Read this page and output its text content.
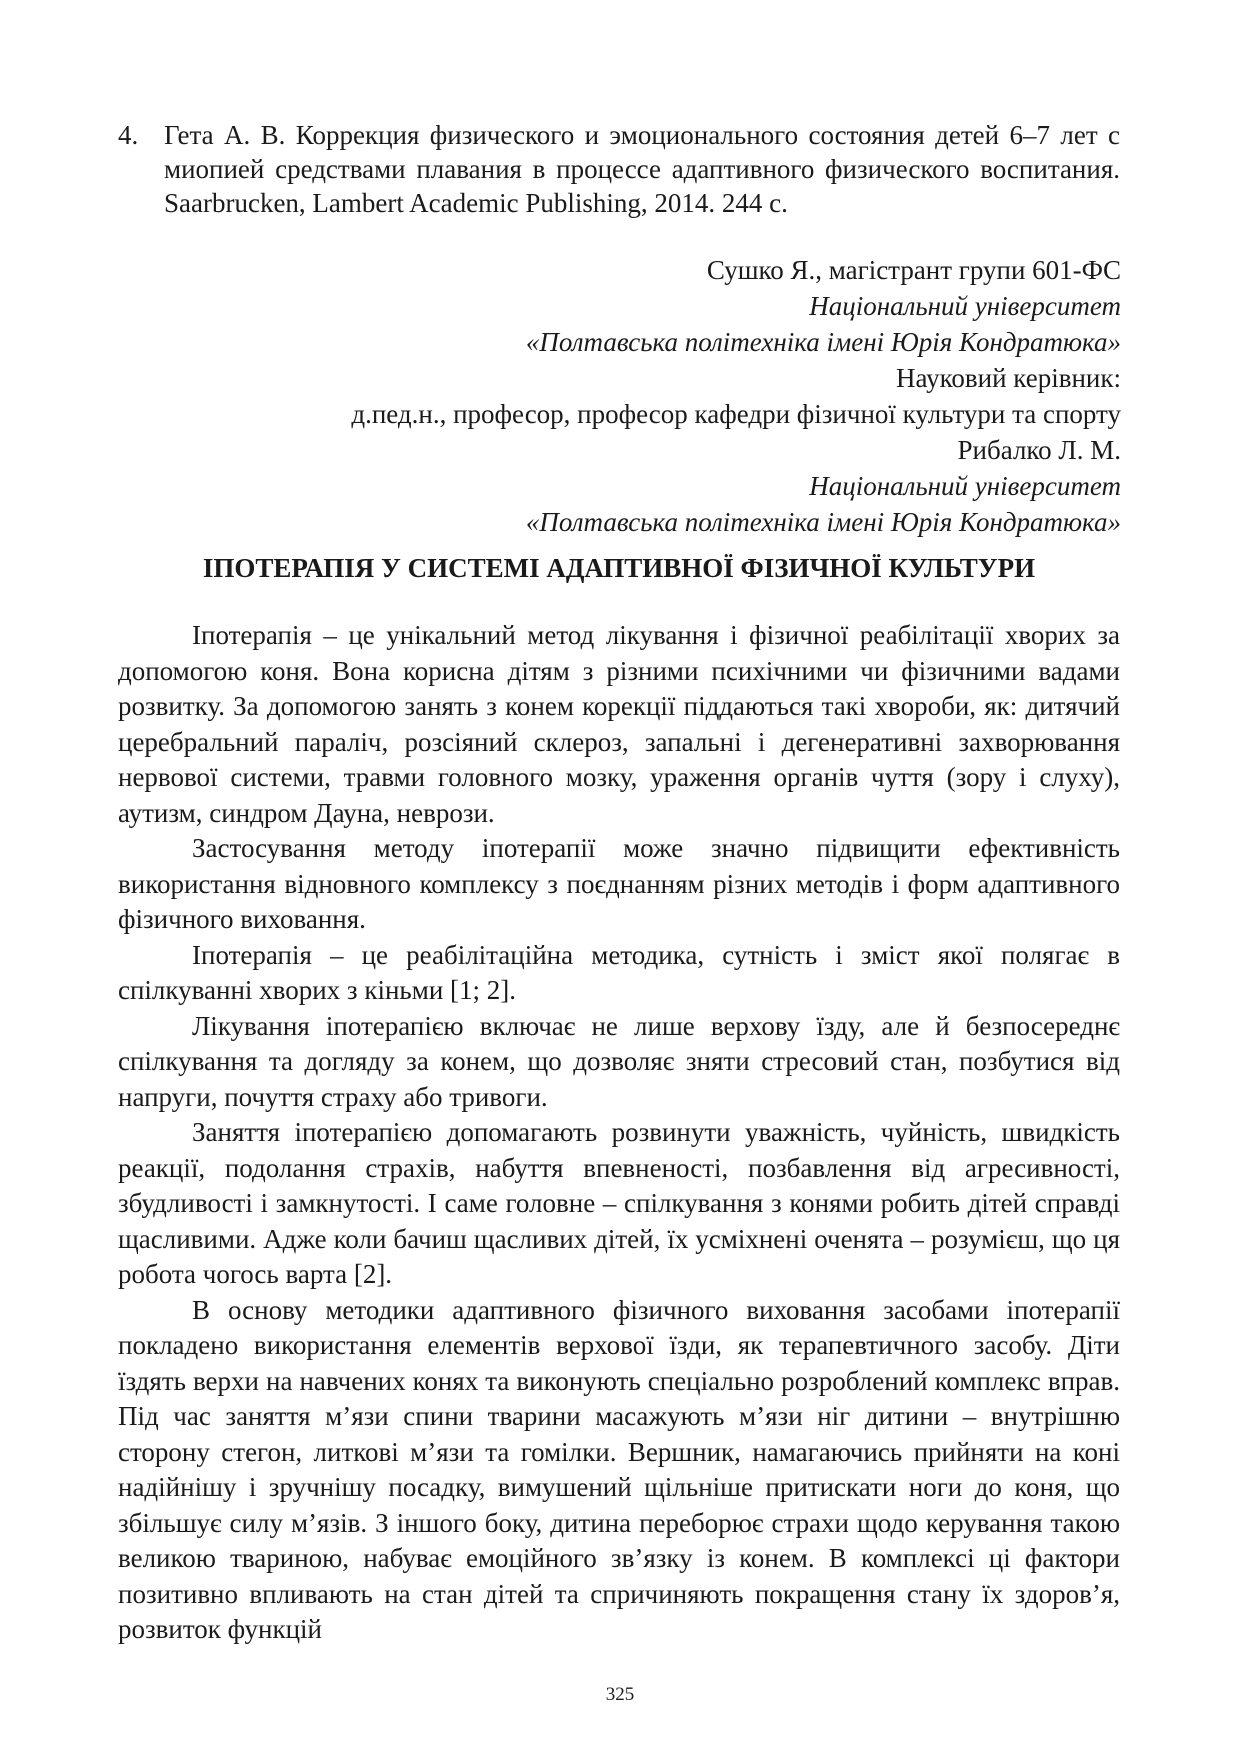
4. Гета А. В. Коррекция физического и эмоционального состояния детей 6–7 лет с миопией средствами плавания в процессе адаптивного физического воспитания. Saarbrucken, Lambert Academic Publishing, 2014. 244 с.
Сушко Я., магістрант групи 601-ФС
Національний університет
«Полтавська політехніка імені Юрія Кондратюка»
Науковий керівник:
д.пед.н., професор, професор кафедри фізичної культури та спорту
Рибалко Л. М.
Національний університет
«Полтавська політехніка імені Юрія Кондратюка»
ІПОТЕРАПІЯ У СИСТЕМІ АДАПТИВНОЇ ФІЗИЧНОЇ КУЛЬТУРИ

Іпотерапія – це унікальний метод лікування і фізичної реабілітації хворих за допомогою коня. Вона корисна дітям з різними психічними чи фізичними вадами розвитку. За допомогою занять з конем корекції піддаються такі хвороби, як: дитячий церебральний параліч, розсіяний склероз, запальні і дегенеративні захворювання нервової системи, травми головного мозку, ураження органів чуття (зору і слуху), аутизм, синдром Дауна, неврози.

Застосування методу іпотерапії може значно підвищити ефективність використання відновного комплексу з поєднанням різних методів і форм адаптивного фізичного виховання.

Іпотерапія – це реабілітаційна методика, сутність і зміст якої полягає в спілкуванні хворих з кіньми [1; 2].

Лікування іпотерапією включає не лише верхову їзду, але й безпосереднє спілкування та догляду за конем, що дозволяє зняти стресовий стан, позбутися від напруги, почуття страху або тривоги.

Заняття іпотерапією допомагають розвинути уважність, чуйність, швидкість реакції, подолання страхів, набуття впевненості, позбавлення від агресивності, збудливості і замкнутості. І саме головне – спілкування з конями робить дітей справді щасливими. Адже коли бачиш щасливих дітей, їх усміхнені оченята – розумієш, що ця робота чогось варта [2].

В основу методики адаптивного фізичного виховання засобами іпотерапії покладено використання елементів верхової їзди, як терапевтичного засобу. Діти їздять верхи на навчених конях та виконують спеціально розроблений комплекс вправ. Під час заняття м’язи спини тварини масажують м’язи ніг дитини – внутрішню сторону стегон, литкові м’язи та гомілки. Вершник, намагаючись прийняти на коні надійнішу і зручнішу посадку, вимушений щільніше притискати ноги до коня, що збільшує силу м’язів. З іншого боку, дитина переборює страхи щодо керування такою великою твариною, набуває емоційного зв’язку із конем. В комплексі ці фактори позитивно впливають на стан дітей та спричиняють покращення стану їх здоров’я, розвиток функцій

325
